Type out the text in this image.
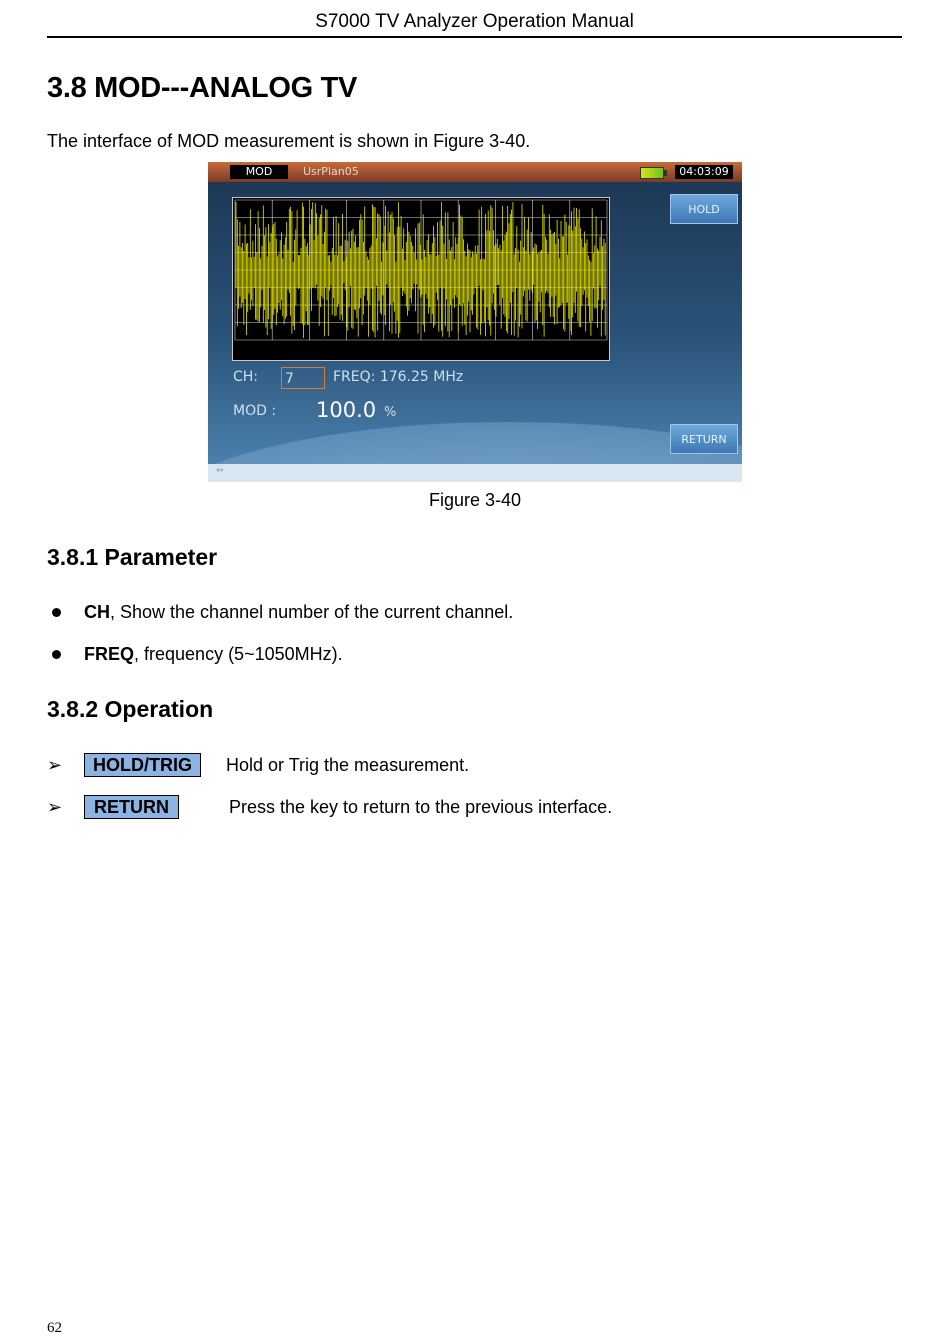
S7000 TV Analyzer Operation Manual
3.8 MOD---ANALOG TV

The interface of MOD measurement is shown in Figure 3-40.

MOD	UsrPlan05	04:03:09
HOLD
RETURN
CH: 7	FREQ: 176.25 MHz
MOD : 100.0 %
⇔
Figure 3-40
3.8.1 Parameter
CH, Show the channel number of the current channel.
FREQ, frequency (5~1050MHz).
3.8.2 Operation
➢	HOLD/TRIG	Hold or Trig the measurement.
➢	RETURN	Press the key to return to the previous interface.
62
